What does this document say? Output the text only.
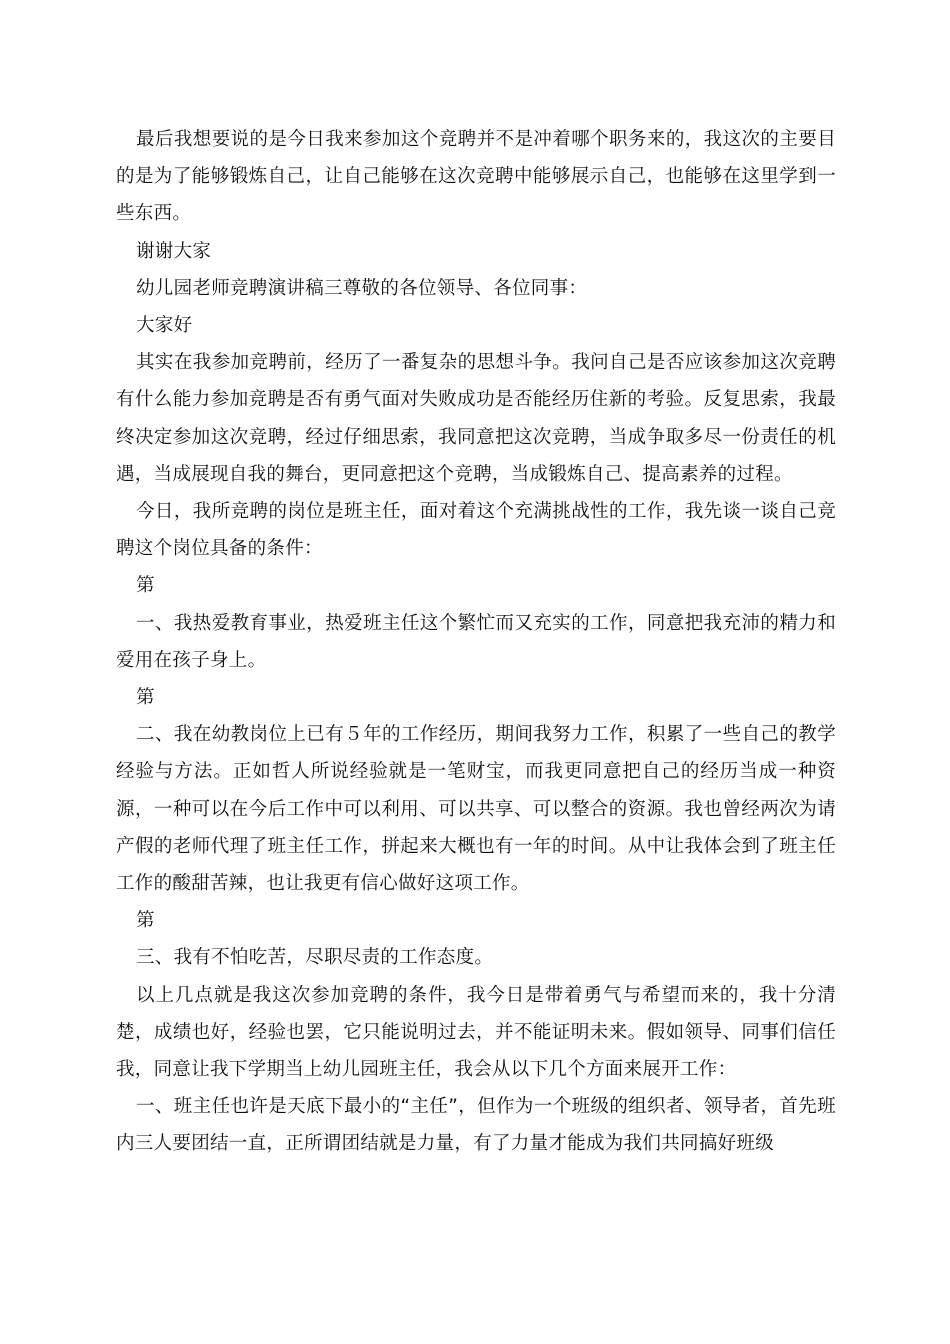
最后我想要说的是今日我来参加这个竞聘并不是冲着哪个职务来的，我这次的主要目的是为了能够锻炼自己，让自己能够在这次竞聘中能够展示自己，也能够在这里学到一些东西。

谢谢大家

幼儿园老师竞聘演讲稿三尊敬的各位领导、各位同事：

大家好

其实在我参加竞聘前，经历了一番复杂的思想斗争。我问自己是否应该参加这次竞聘有什么能力参加竞聘是否有勇气面对失败成功是否能经历住新的考验。反复思索，我最终决定参加这次竞聘，经过仔细思索，我同意把这次竞聘，当成争取多尽一份责任的机遇，当成展现自我的舞台，更同意把这个竞聘，当成锻炼自己、提高素养的过程。

今日，我所竞聘的岗位是班主任，面对着这个充满挑战性的工作，我先谈一谈自己竞聘这个岗位具备的条件：

第

一、我热爱教育事业，热爱班主任这个繁忙而又充实的工作，同意把我充沛的精力和爱用在孩子身上。

第

二、我在幼教岗位上已有５年的工作经历，期间我努力工作，积累了一些自己的教学经验与方法。正如哲人所说经验就是一笔财宝，而我更同意把自己的经历当成一种资源，一种可以在今后工作中可以利用、可以共享、可以整合的资源。我也曾经两次为请产假的老师代理了班主任工作，拼起来大概也有一年的时间。从中让我体会到了班主任工作的酸甜苦辣，也让我更有信心做好这项工作。

第

三、我有不怕吃苦，尽职尽责的工作态度。

以上几点就是我这次参加竞聘的条件，我今日是带着勇气与希望而来的，我十分清楚，成绩也好，经验也罢，它只能说明过去，并不能证明未来。假如领导、同事们信任我，同意让我下学期当上幼儿园班主任，我会从以下几个方面来展开工作：

一、班主任也许是天底下最小的“主任”，但作为一个班级的组织者、领导者，首先班内三人要团结一直，正所谓团结就是力量，有了力量才能成为我们共同搞好班级
